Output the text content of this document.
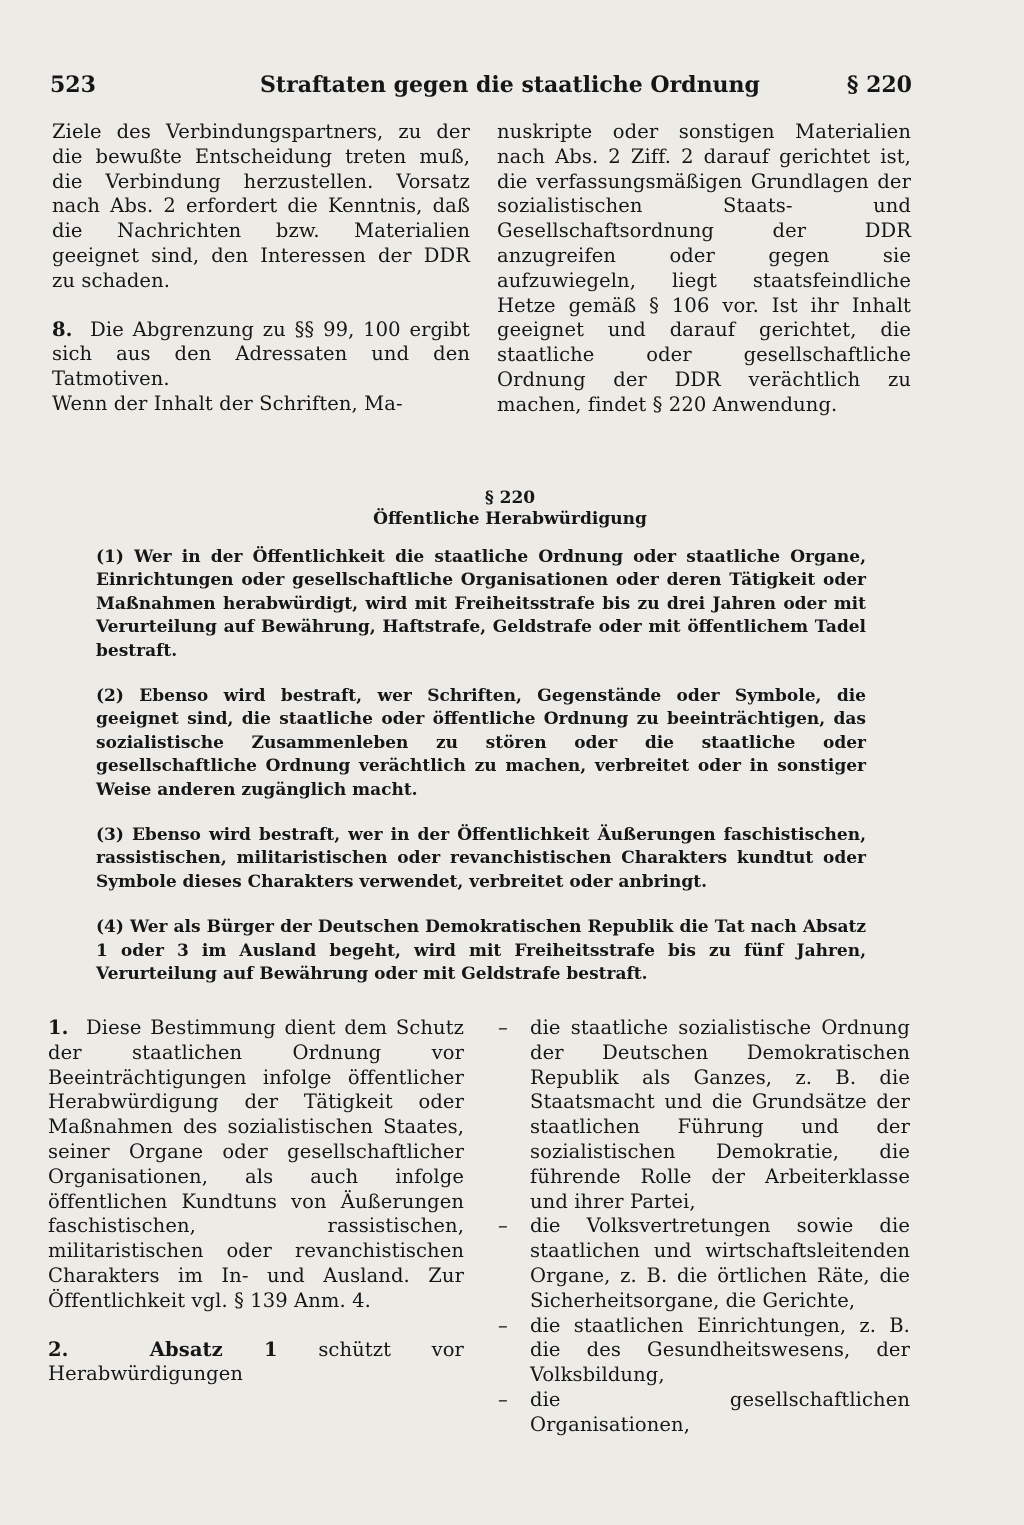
523	Straftaten gegen die staatliche Ordnung	§ 220

Ziele des Verbindungspartners, zu der die bewußte Entscheidung treten muß, die Verbindung herzustellen. Vorsatz nach Abs. 2 erfordert die Kenntnis, daß die Nachrichten bzw. Materialien geeignet sind, den Interessen der DDR zu schaden.

8. Die Abgrenzung zu §§ 99, 100 ergibt sich aus den Adressaten und den Tatmotiven.

Wenn der Inhalt der Schriften, Ma-

nuskripte oder sonstigen Materialien nach Abs. 2 Ziff. 2 darauf gerichtet ist, die verfassungsmäßigen Grundlagen der sozialistischen Staats- und Gesellschaftsordnung der DDR anzugreifen oder gegen sie aufzuwiegeln, liegt staatsfeindliche Hetze gemäß § 106 vor. Ist ihr Inhalt geeignet und darauf gerichtet, die staatliche oder gesellschaftliche Ordnung der DDR verächtlich zu machen, findet § 220 Anwendung.

§ 220
Öffentliche Herabwürdigung

(1) Wer in der Öffentlichkeit die staatliche Ordnung oder staatliche Organe, Einrichtungen oder gesellschaftliche Organisationen oder deren Tätigkeit oder Maßnahmen herabwürdigt, wird mit Freiheitsstrafe bis zu drei Jahren oder mit Verurteilung auf Bewährung, Haftstrafe, Geldstrafe oder mit öffentlichem Tadel bestraft.

(2) Ebenso wird bestraft, wer Schriften, Gegenstände oder Symbole, die geeignet sind, die staatliche oder öffentliche Ordnung zu beeinträchtigen, das sozialistische Zusammenleben zu stören oder die staatliche oder gesellschaftliche Ordnung verächtlich zu machen, verbreitet oder in sonstiger Weise anderen zugänglich macht.

(3) Ebenso wird bestraft, wer in der Öffentlichkeit Äußerungen faschistischen, rassistischen, militaristischen oder revanchistischen Charakters kundtut oder Symbole dieses Charakters verwendet, verbreitet oder anbringt.

(4) Wer als Bürger der Deutschen Demokratischen Republik die Tat nach Absatz 1 oder 3 im Ausland begeht, wird mit Freiheitsstrafe bis zu fünf Jahren, Verurteilung auf Bewährung oder mit Geldstrafe bestraft.

1. Diese Bestimmung dient dem Schutz der staatlichen Ordnung vor Beeinträchtigungen infolge öffentlicher Herabwürdigung der Tätigkeit oder Maßnahmen des sozialistischen Staates, seiner Organe oder gesellschaftlicher Organisationen, als auch infolge öffentlichen Kundtuns von Äußerungen faschistischen, rassistischen, militaristischen oder revanchistischen Charakters im In- und Ausland. Zur Öffentlichkeit vgl. § 139 Anm. 4.

2.	Absatz 1 schützt vor Herabwürdigungen

– die staatliche sozialistische Ordnung der Deutschen Demokratischen Republik als Ganzes, z. B. die Staatsmacht und die Grundsätze der staatlichen Führung und der sozialistischen Demokratie, die führende Rolle der Arbeiterklasse und ihrer Partei,
– die Volksvertretungen sowie die staatlichen und wirtschaftsleitenden Organe, z. B. die örtlichen Räte, die Sicherheitsorgane, die Gerichte,
– die staatlichen Einrichtungen, z. B. die des Gesundheitswesens, der Volksbildung,
– die gesellschaftlichen Organisationen,
